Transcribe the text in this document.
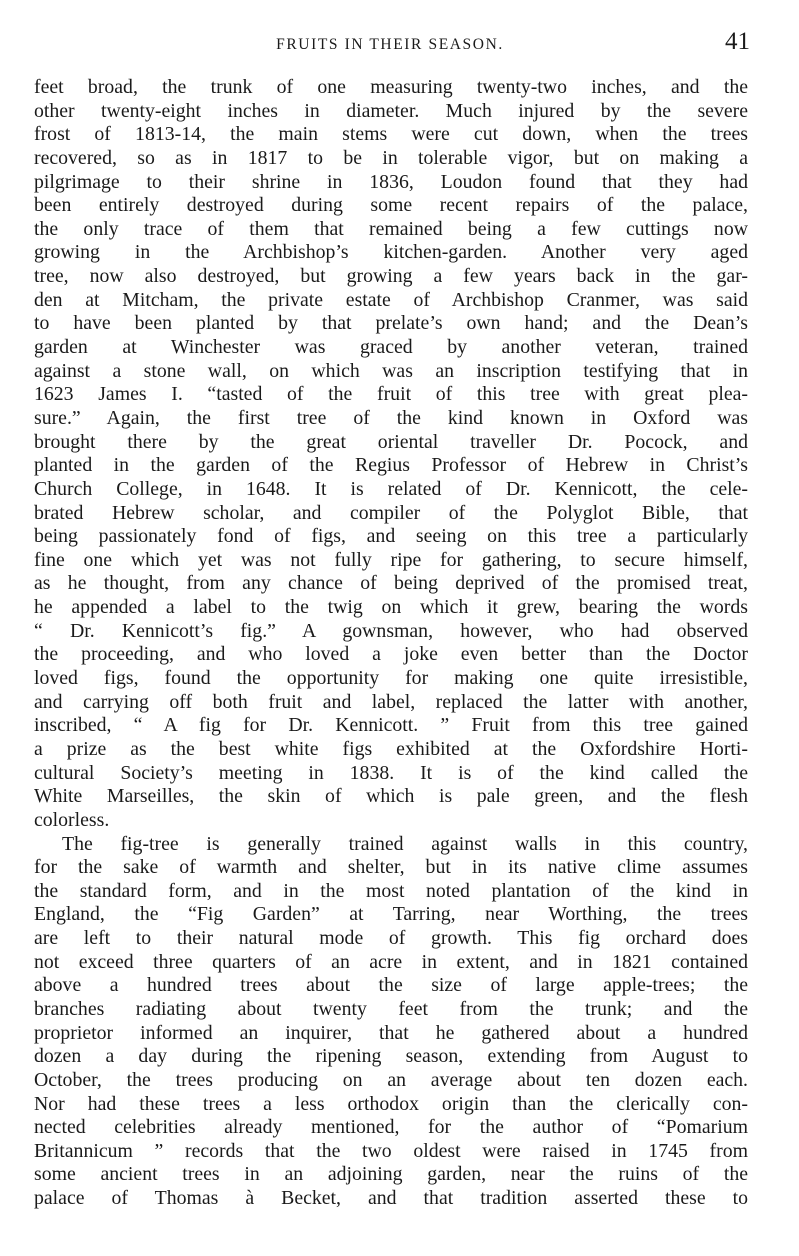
FRUITS IN THEIR SEASON.	41
feet broad, the trunk of one measuring twenty-two inches, and the
other twenty-eight inches in diameter. Much injured by the severe
frost of 1813-14, the main stems were cut down, when the trees
recovered, so as in 1817 to be in tolerable vigor, but on making a
pilgrimage to their shrine in 1836, Loudon found that they had
been entirely destroyed during some recent repairs of the palace,
the only trace of them that remained being a few cuttings now
growing in the Archbishop’s kitchen-garden. Another very aged
tree, now also destroyed, but growing a few years back in the gar-
den at Mitcham, the private estate of Archbishop Cranmer, was said
to have been planted by that prelate’s own hand; and the Dean’s
garden at Winchester was graced by another veteran, trained
against a stone wall, on which was an inscription testifying that in
1623 James I. “tasted of the fruit of this tree with great plea-
sure.” Again, the first tree of the kind known in Oxford was
brought there by the great oriental traveller Dr. Pocock, and
planted in the garden of the Regius Professor of Hebrew in Christ’s
Church College, in 1648. It is related of Dr. Kennicott, the cele-
brated Hebrew scholar, and compiler of the Polyglot Bible, that
being passionately fond of figs, and seeing on this tree a particularly
fine one which yet was not fully ripe for gathering, to secure himself,
as he thought, from any chance of being deprived of the promised treat,
he appended a label to the twig on which it grew, bearing the words
“ Dr. Kennicott’s fig.” A gownsman, however, who had observed
the proceeding, and who loved a joke even better than the Doctor
loved figs, found the opportunity for making one quite irresistible,
and carrying off both fruit and label, replaced the latter with another,
inscribed, “ A fig for Dr. Kennicott. ” Fruit from this tree gained
a prize as the best white figs exhibited at the Oxfordshire Horti-
cultural Society’s meeting in 1838. It is of the kind called the
White Marseilles, the skin of which is pale green, and the flesh
colorless.
The fig-tree is generally trained against walls in this country,
for the sake of warmth and shelter, but in its native clime assumes
the standard form, and in the most noted plantation of the kind in
England, the “Fig Garden” at Tarring, near Worthing, the trees
are left to their natural mode of growth. This fig orchard does
not exceed three quarters of an acre in extent, and in 1821 contained
above a hundred trees about the size of large apple-trees; the
branches radiating about twenty feet from the trunk; and the
proprietor informed an inquirer, that he gathered about a hundred
dozen a day during the ripening season, extending from August to
October, the trees producing on an average about ten dozen each.
Nor had these trees a less orthodox origin than the clerically con-
nected celebrities already mentioned, for the author of “Pomarium
Britannicum ” records that the two oldest were raised in 1745 from
some ancient trees in an adjoining garden, near the ruins of the
palace of Thomas à Becket, and that tradition asserted these to
